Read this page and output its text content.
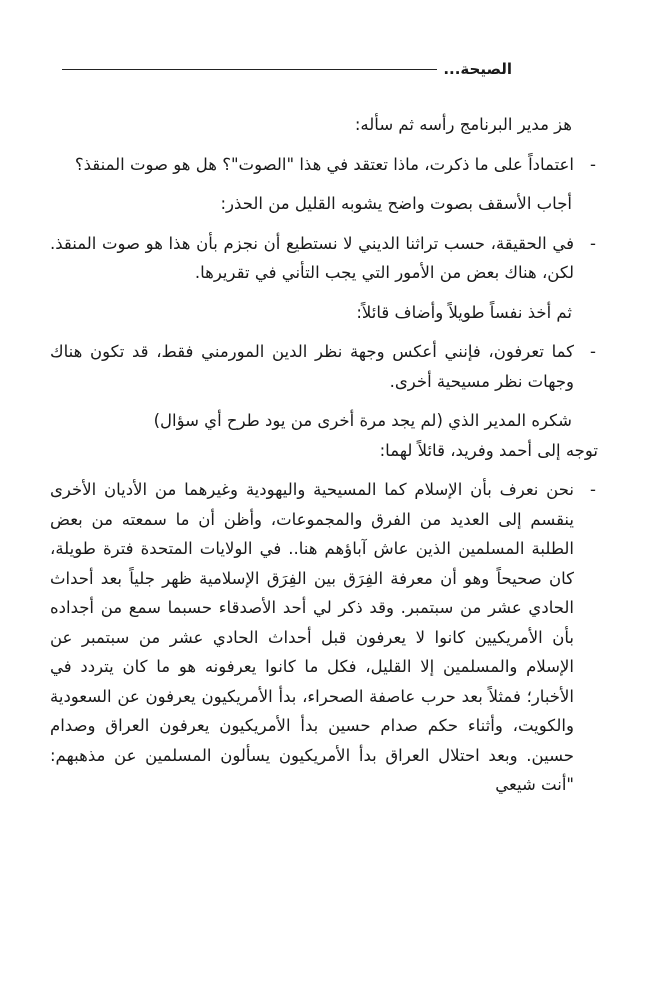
الصيحة...

هز مدير البرنامج رأسه ثم سأله:

-
اعتماداً على ما ذكرت، ماذا تعتقد في هذا "الصوت"؟ هل هو صوت المنقذ؟

أجاب الأسقف بصوت واضح يشوبه القليل من الحذر:

-
في الحقيقة، حسب تراثنا الديني لا نستطيع أن نجزم بأن هذا هو صوت المنقذ. لكن، هناك بعض من الأمور التي يجب التأني في تقريرها.

ثم أخذ نفساً طويلاً وأضاف قائلاً:

-
كما تعرفون، فإنني أعكس وجهة نظر الدين المورمني فقط، قد تكون هناك وجهات نظر مسيحية أخرى.

شكره المدير الذي (لم يجد مرة أخرى من يود طرح أي سؤال)

توجه إلى أحمد وفريد، قائلاً لهما:

-
نحن نعرف بأن الإسلام كما المسيحية واليهودية وغيرهما من الأديان الأخرى ينقسم إلى العديد من الفرق والمجموعات، وأظن أن ما سمعته من بعض الطلبة المسلمين الذين عاش آباؤهم هنا.. في الولايات المتحدة فترة طويلة، كان صحيحاً وهو أن معرفة الفِرَق بين الفِرَق الإسلامية ظهر جلياً بعد أحداث الحادي عشر من سبتمبر. وقد ذكر لي أحد الأصدقاء حسبما سمع من أجداده بأن الأمريكيين كانوا لا يعرفون قبل أحداث الحادي عشر من سبتمبر عن الإسلام والمسلمين إلا القليل، فكل ما كانوا يعرفونه هو ما كان يتردد في الأخبار؛ فمثلاً بعد حرب عاصفة الصحراء، بدأ الأمريكيون يعرفون عن السعودية والكويت، وأثناء حكم صدام حسين بدأ الأمريكيون يعرفون العراق وصدام حسين. وبعد احتلال العراق بدأ الأمريكيون يسألون المسلمين عن مذهبهم: "أنت شيعي
